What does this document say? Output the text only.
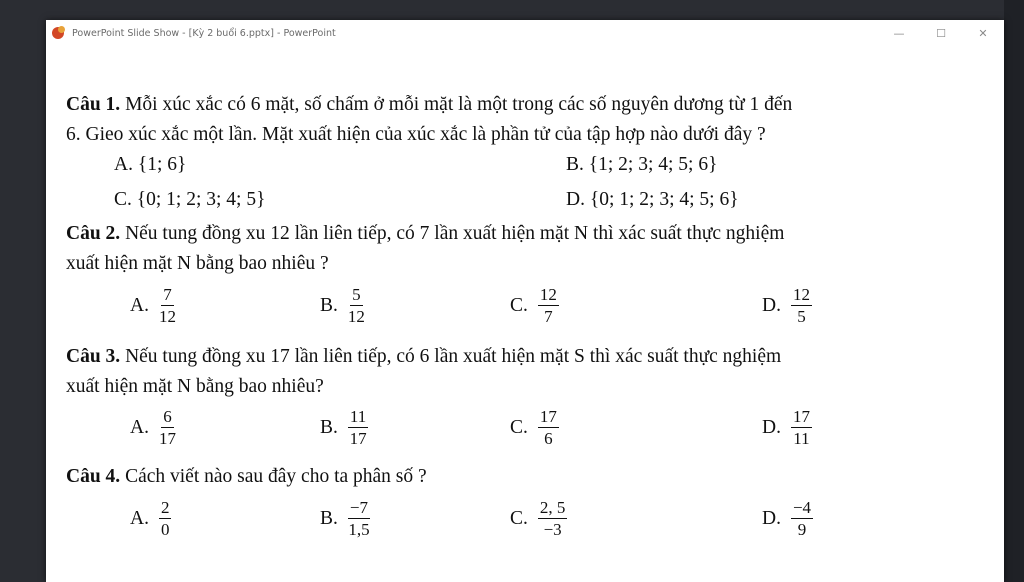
PowerPoint Slide Show - [Kỳ 2 buổi 6.pptx] - PowerPoint	—	☐	✕
Câu 1. Mỗi xúc xắc có 6 mặt, số chấm ở mỗi mặt là một trong các số nguyên dương từ 1 đến
6. Gieo xúc xắc một lần. Mặt xuất hiện của xúc xắc là phần tử của tập hợp nào dưới đây ?
A. {1; 6}	B. {1; 2; 3; 4; 5; 6}
C. {0; 1; 2; 3; 4; 5}	D. {0; 1; 2; 3; 4; 5; 6}
Câu 2. Nếu tung đồng xu 12 lần liên tiếp, có 7 lần xuất hiện mặt N thì xác suất thực nghiệm
xuất hiện mặt N bằng bao nhiêu ?
A. $\frac{7}{12}$	B. $\frac{5}{12}$	C. $\frac{12}{7}$	D. $\frac{12}{5}$
Câu 3. Nếu tung đồng xu 17 lần liên tiếp, có 6 lần xuất hiện mặt S thì xác suất thực nghiệm
xuất hiện mặt N bằng bao nhiêu?
A. $\frac{6}{17}$	B. $\frac{11}{17}$	C. $\frac{17}{6}$	D. $\frac{17}{11}$
Câu 4. Cách viết nào sau đây cho ta phân số ?
A. $\frac{2}{0}$	B. $\frac{-7}{1,5}$	C. $\frac{2, 5}{-3}$	D. $\frac{-4}{9}$
